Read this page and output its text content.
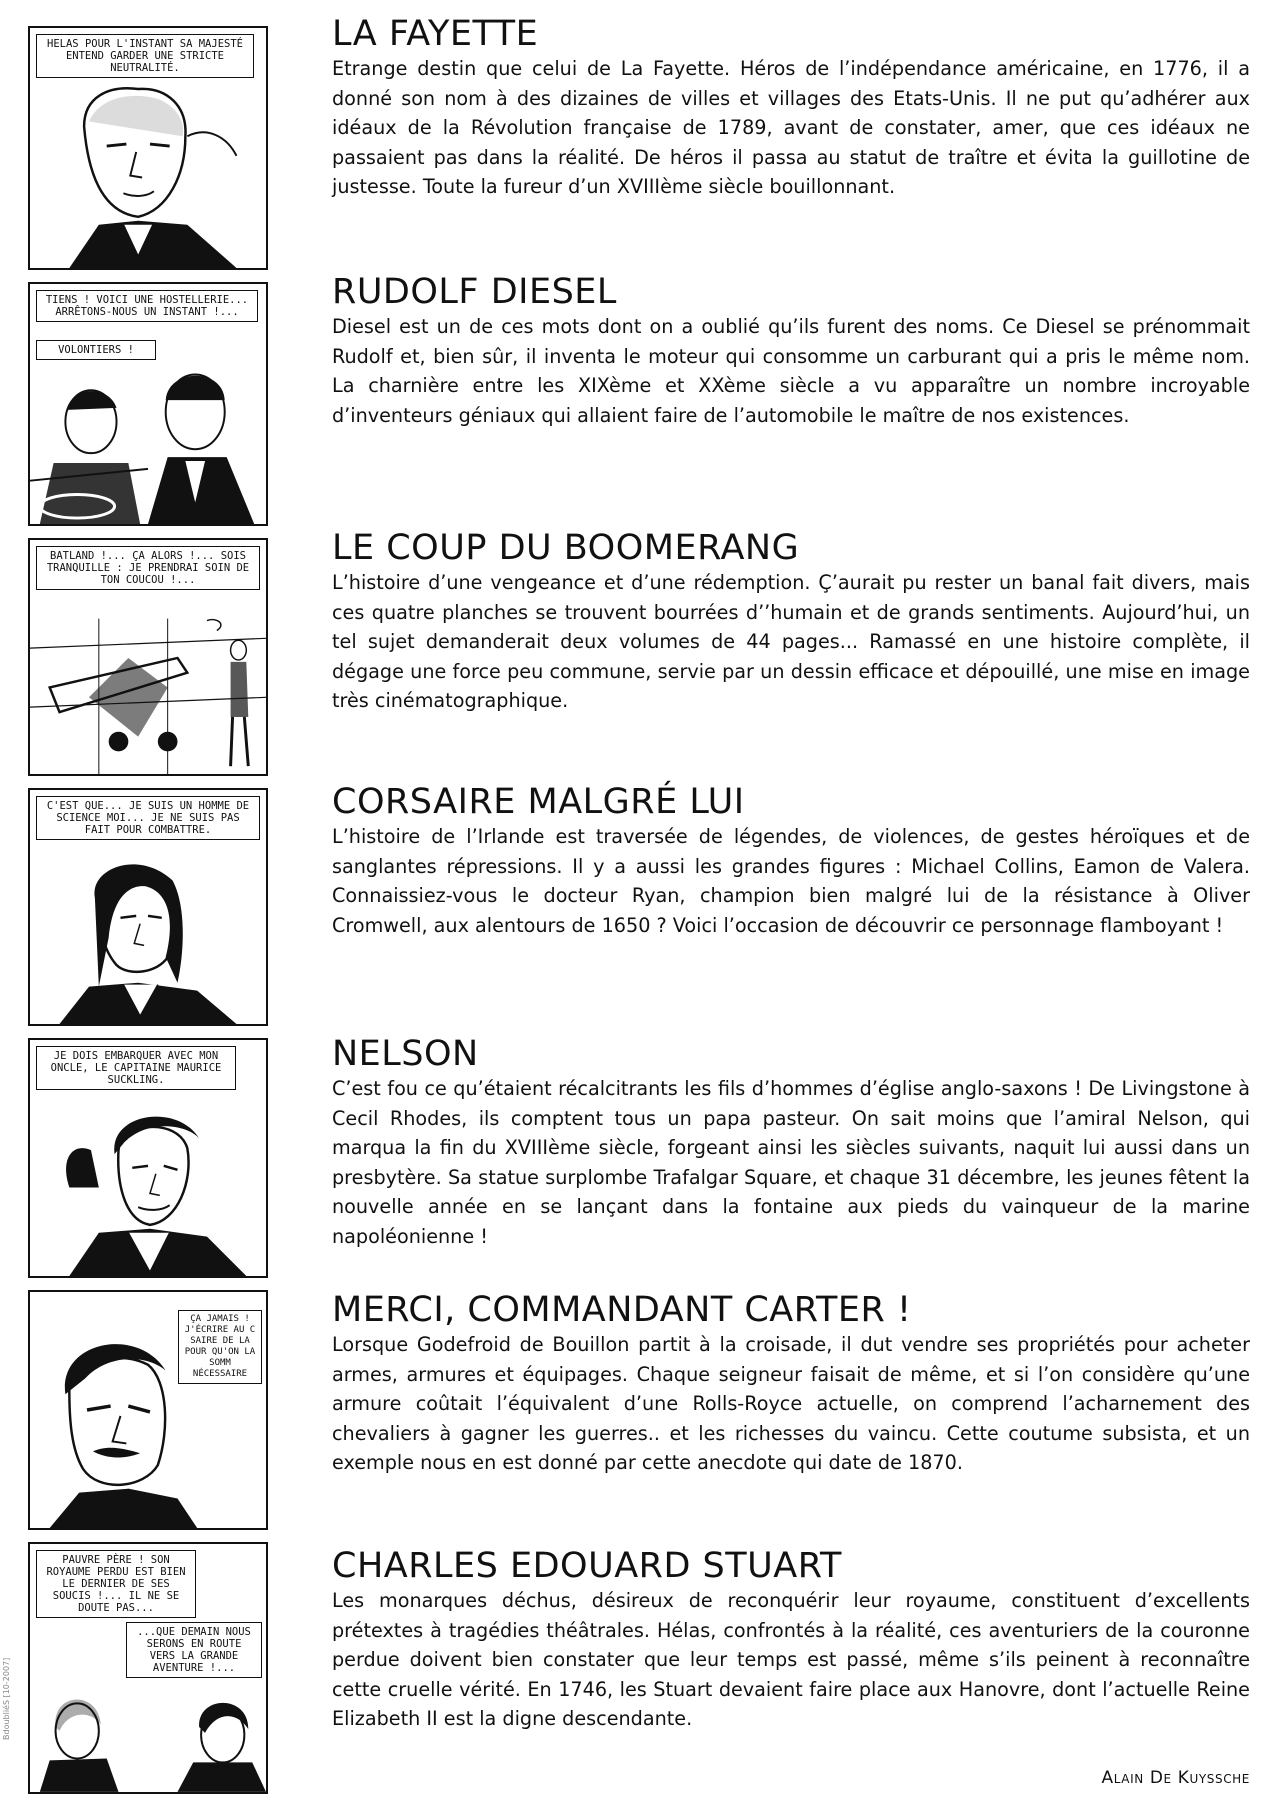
HELAS POUR L'INSTANT SA MAJESTÉ ENTEND GARDER UNE STRICTE NEUTRALITÉ.
TIENS ! VOICI UNE HOSTELLERIE... ARRÊTONS-NOUS UN INSTANT !...
VOLONTIERS !
BATLAND !... ÇA ALORS !... SOIS TRANQUILLE : JE PRENDRAI SOIN DE TON COUCOU !...
C'EST QUE... JE SUIS UN HOMME DE SCIENCE MOI... JE NE SUIS PAS FAIT POUR COMBATTRE.
JE DOIS EMBARQUER AVEC MON ONCLE, LE CAPITAINE MAURICE SUCKLING.
ÇA JAMAIS ! J'ÉCRIRE AU C SAIRE DE LA POUR QU'ON LA SOMM NÉCESSAIRE
PAUVRE PÈRE ! SON ROYAUME PERDU EST BIEN LE DERNIER DE SES SOUCIS !... IL NE SE DOUTE PAS...
...QUE DEMAIN NOUS SERONS EN ROUTE VERS LA GRANDE AVENTURE !...
LA FAYETTE

Etrange destin que celui de La Fayette. Héros de l’indépendance américaine, en 1776, il a donné son nom à des dizaines de villes et villages des Etats-Unis. Il ne put qu’adhérer aux idéaux de la Révolution française de 1789, avant de constater, amer, que ces idéaux ne passaient pas dans la réalité. De héros il passa au statut de traître et évita la guillotine de justesse. Toute la fureur d’un XVIIIème siècle bouillonnant.

RUDOLF DIESEL

Diesel est un de ces mots dont on a oublié qu’ils furent des noms. Ce Diesel se prénommait Rudolf et, bien sûr, il inventa le moteur qui consomme un carburant qui a pris le même nom. La charnière entre les XIXème et XXème siècle a vu apparaître un nombre incroyable d’inventeurs géniaux qui allaient faire de l’automobile le maître de nos existences.

LE COUP DU BOOMERANG

L’histoire d’une vengeance et d’une rédemption. Ç’aurait pu rester un banal fait divers, mais ces quatre planches se trouvent bourrées d’’humain et de grands sentiments. Aujourd’hui, un tel sujet demanderait deux volumes de 44 pages... Ramassé en une histoire complète, il dégage une force peu commune, servie par un dessin efficace et dépouillé, une mise en image très cinématographique.

CORSAIRE MALGRÉ LUI

L’histoire de l’Irlande est traversée de légendes, de violences, de gestes héroïques et de sanglantes répressions. Il y a aussi les grandes figures : Michael Collins, Eamon de Valera. Connaissiez-vous le docteur Ryan, champion bien malgré lui de la résistance à Oliver Cromwell, aux alentours de 1650 ? Voici l’occasion de découvrir ce personnage flamboyant !

NELSON

C’est fou ce qu’étaient récalcitrants les fils d’hommes d’église anglo-saxons ! De Livingstone à Cecil Rhodes, ils comptent tous un papa pasteur. On sait moins que l’amiral Nelson, qui marqua la fin du XVIIIème siècle, forgeant ainsi les siècles suivants, naquit lui aussi dans un presbytère. Sa statue surplombe Trafalgar Square, et chaque 31 décembre, les jeunes fêtent la nouvelle année en se lançant dans la fontaine aux pieds du vainqueur de la marine napoléonienne !

MERCI, COMMANDANT CARTER !

Lorsque Godefroid de Bouillon partit à la croisade, il dut vendre ses propriétés pour acheter armes, armures et équipages. Chaque seigneur faisait de même, et si l’on considère qu’une armure coûtait l’équivalent d’une Rolls-Royce actuelle, on comprend l’acharnement des chevaliers à gagner les guerres.. et les richesses du vaincu. Cette coutume subsista, et un exemple nous en est donné par cette anecdote qui date de 1870.

CHARLES EDOUARD STUART

Les monarques déchus, désireux de reconquérir leur royaume, constituent d’excellents prétextes à tragédies théâtrales. Hélas, confrontés à la réalité, ces aventuriers de la couronne perdue doivent bien constater que leur temps est passé, même s’ils peinent à reconnaître cette cruelle vérité. En 1746, les Stuart devaient faire place aux Hanovre, dont l’actuelle Reine Elizabeth II est la digne descendante.

Alain De Kuyssche
BdoubliéS [10-2007]
